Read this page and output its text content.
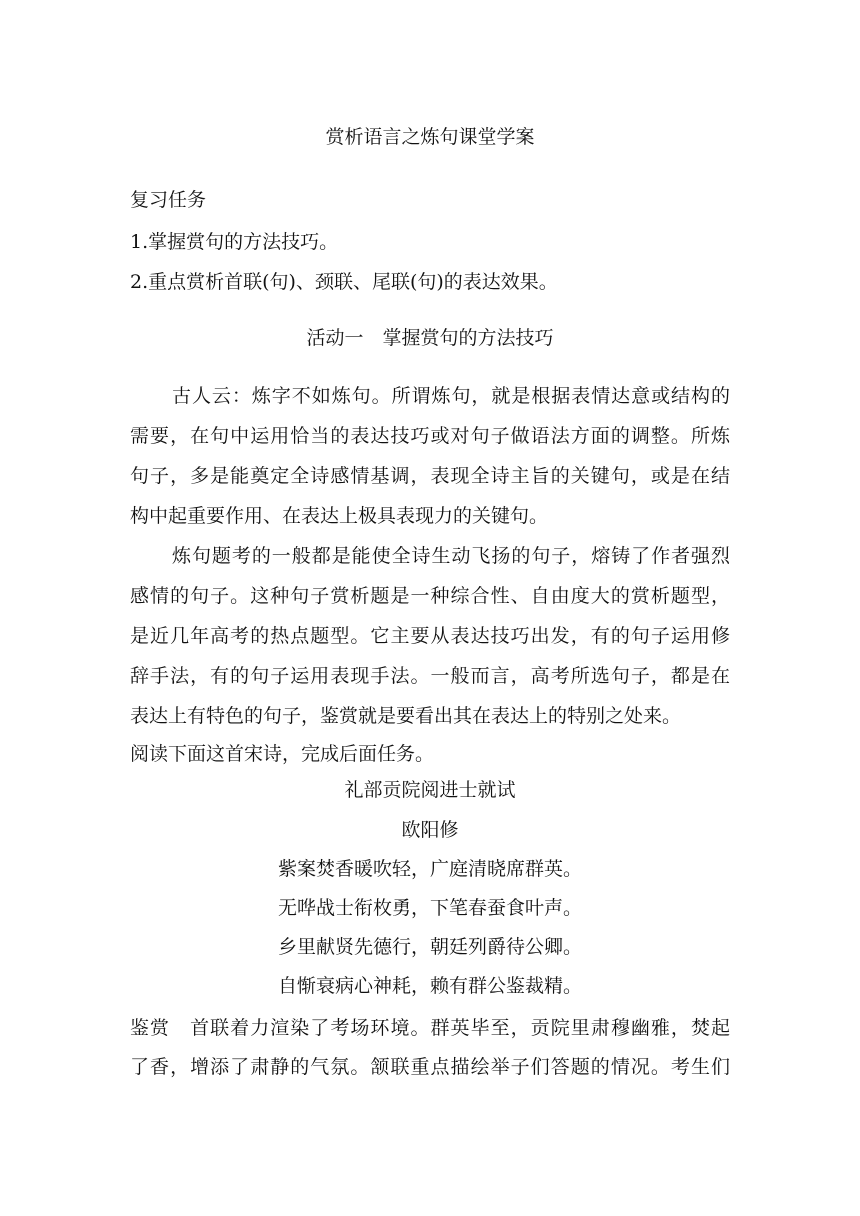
赏析语言之炼句课堂学案
复习任务
1.掌握赏句的方法技巧。
2.重点赏析首联(句)、颈联、尾联(句)的表达效果。
活动一　掌握赏句的方法技巧
古人云：炼字不如炼句。所谓炼句，就是根据表情达意或结构的
需要，在句中运用恰当的表达技巧或对句子做语法方面的调整。所炼
句子，多是能奠定全诗感情基调，表现全诗主旨的关键句，或是在结
构中起重要作用、在表达上极具表现力的关键句。
炼句题考的一般都是能使全诗生动飞扬的句子，熔铸了作者强烈
感情的句子。这种句子赏析题是一种综合性、自由度大的赏析题型，
是近几年高考的热点题型。它主要从表达技巧出发，有的句子运用修
辞手法，有的句子运用表现手法。一般而言，高考所选句子，都是在
表达上有特色的句子，鉴赏就是要看出其在表达上的特别之处来。
阅读下面这首宋诗，完成后面任务。
礼部贡院阅进士就试
欧阳修
紫案焚香暖吹轻，广庭清晓席群英。
无哗战士衔枚勇，下笔春蚕食叶声。
乡里献贤先德行，朝廷列爵待公卿。
自惭衰病心神耗，赖有群公鉴裁精。
鉴赏　首联着力渲染了考场环境。群英毕至，贡院里肃穆幽雅，焚起
了香，增添了肃静的气氛。颔联重点描绘举子们答题的情况。考生们
